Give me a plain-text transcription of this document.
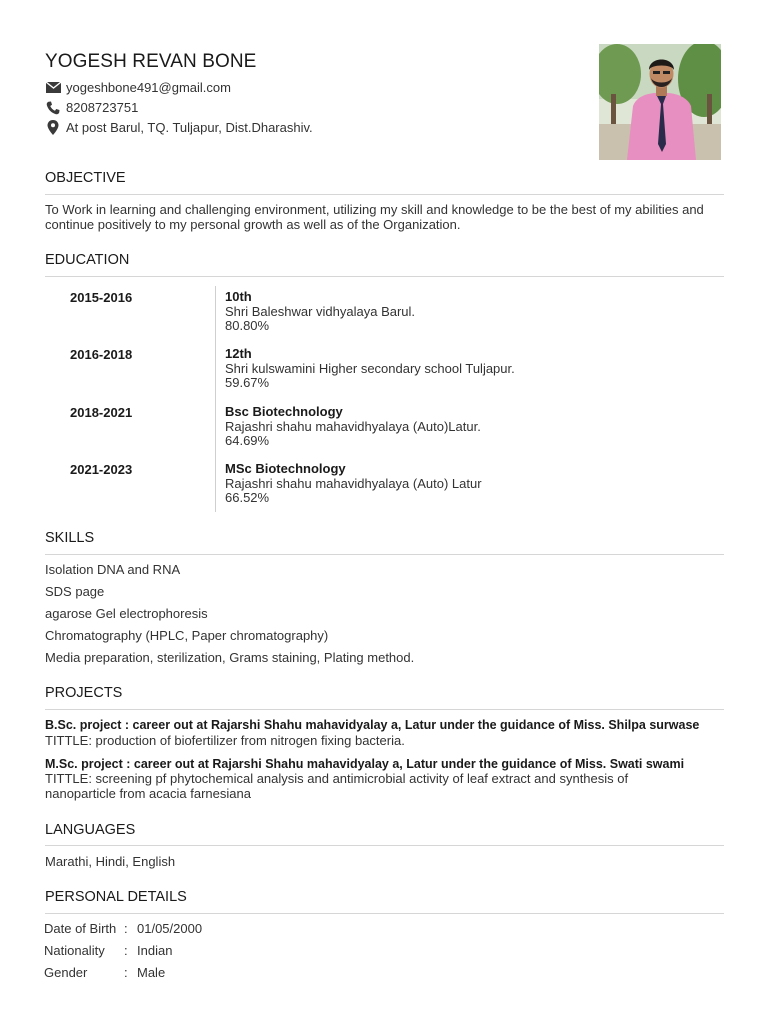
YOGESH REVAN BONE
yogeshbone491@gmail.com
8208723751
At post Barul, TQ. Tuljapur, Dist.Dharashiv.
OBJECTIVE
To Work in learning and challenging environment, utilizing my skill and knowledge to be the best of my abilities and continue positively to my personal growth as well as of the Organization.
EDUCATION
2015-2016	10th
Shri Baleshwar vidhyalaya Barul.
80.80%
2016-2018	12th
Shri kulswamini Higher secondary school Tuljapur.
59.67%
2018-2021	Bsc Biotechnology
Rajashri shahu mahavidhyalaya (Auto)Latur.
64.69%
2021-2023	MSc Biotechnology
Rajashri shahu mahavidhyalaya (Auto) Latur
66.52%
SKILLS
Isolation DNA and RNA
SDS page
agarose Gel electrophoresis
Chromatography (HPLC, Paper chromatography)
Media preparation, sterilization, Grams staining, Plating method.
PROJECTS
B.Sc. project : career out at Rajarshi Shahu mahavidyalay a, Latur under the guidance of Miss. Shilpa surwase
TITTLE: production of biofertilizer from nitrogen fixing bacteria.
M.Sc. project : career out at Rajarshi Shahu mahavidyalay a, Latur under the guidance of Miss. Swati swami
TITTLE: screening pf phytochemical analysis and antimicrobial activity of leaf extract and synthesis of nanoparticle from acacia farnesiana
LANGUAGES
Marathi, Hindi, English
PERSONAL DETAILS
Date of Birth : 01/05/2000
Nationality	: Indian
Gender	: Male
